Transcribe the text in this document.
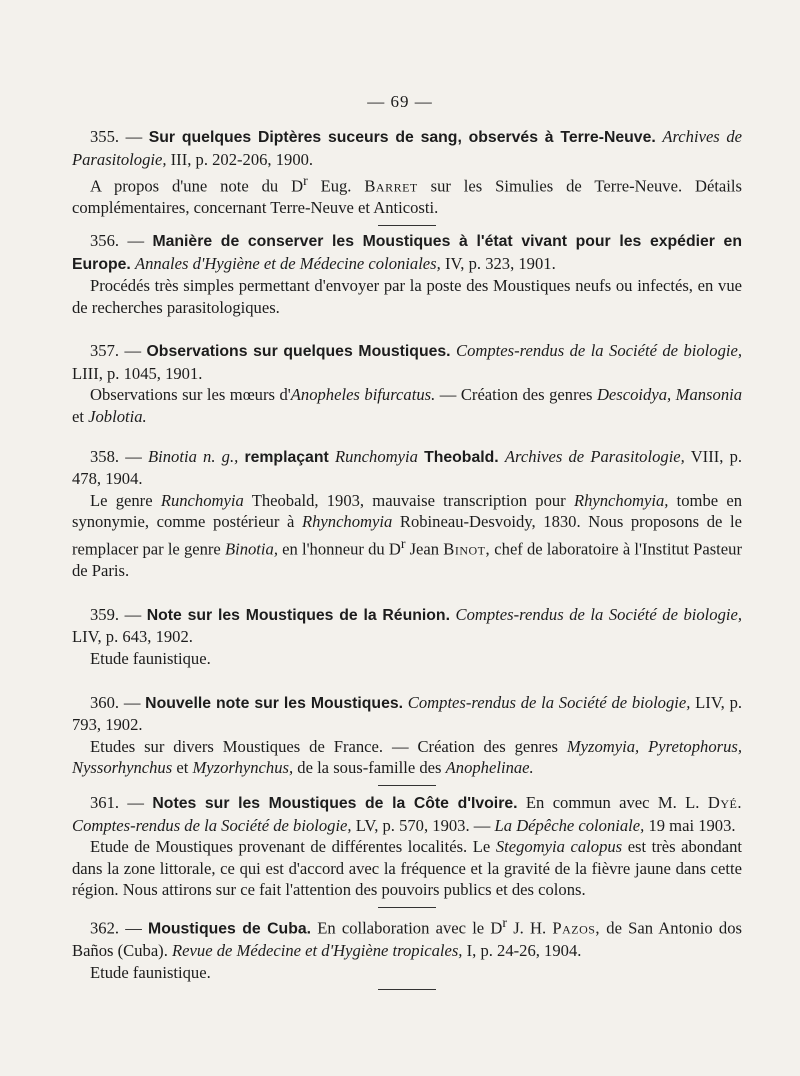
— 69 —

355. — Sur quelques Diptères suceurs de sang, observés à Terre-Neuve. Archives de Parasitologie, III, p. 202-206, 1900.

A propos d'une note du $D^r$ Eug. Barret sur les Simulies de Terre-Neuve. Détails complémentaires, concernant Terre-Neuve et Anticosti.

356. — Manière de conserver les Moustiques à l'état vivant pour les expédier en Europe. Annales d'Hygiène et de Médecine coloniales, IV, p. 323, 1901.

Procédés très simples permettant d'envoyer par la poste des Moustiques neufs ou infectés, en vue de recherches parasitologiques.

357. — Observations sur quelques Moustiques. Comptes-rendus de la Société de biologie, LIII, p. 1045, 1901.

Observations sur les mœurs d'Anopheles bifurcatus. — Création des genres Descoidya, Mansonia et Joblotia.

358. — Binotia n. g., remplaçant Runchomyia Theobald. Archives de Parasitologie, VIII, p. 478, 1904.

Le genre Runchomyia Theobald, 1903, mauvaise transcription pour Rhynchomyia, tombe en synonymie, comme postérieur à Rhynchomyia Robineau-Desvoidy, 1830. Nous proposons de le remplacer par le genre Binotia, en l'honneur du $D^r$ Jean Binot, chef de laboratoire à l'Institut Pasteur de Paris.

359. — Note sur les Moustiques de la Réunion. Comptes-rendus de la Société de biologie, LIV, p. 643, 1902.

Etude faunistique.

360. — Nouvelle note sur les Moustiques. Comptes-rendus de la Société de biologie, LIV, p. 793, 1902.

Etudes sur divers Moustiques de France. — Création des genres Myzomyia, Pyretophorus, Nyssorhynchus et Myzorhynchus, de la sous-famille des Anophelinae.

361. — Notes sur les Moustiques de la Côte d'Ivoire. En commun avec M. L. Dyé. Comptes-rendus de la Société de biologie, LV, p. 570, 1903. — La Dépêche coloniale, 19 mai 1903.

Etude de Moustiques provenant de différentes localités. Le Stegomyia calopus est très abondant dans la zone littorale, ce qui est d'accord avec la fréquence et la gravité de la fièvre jaune dans cette région. Nous attirons sur ce fait l'attention des pouvoirs publics et des colons.

362. — Moustiques de Cuba. En collaboration avec le $D^r$ J. H. Pazos, de San Antonio dos Baños (Cuba). Revue de Médecine et d'Hygiène tropicales, I, p. 24-26, 1904.

Etude faunistique.
